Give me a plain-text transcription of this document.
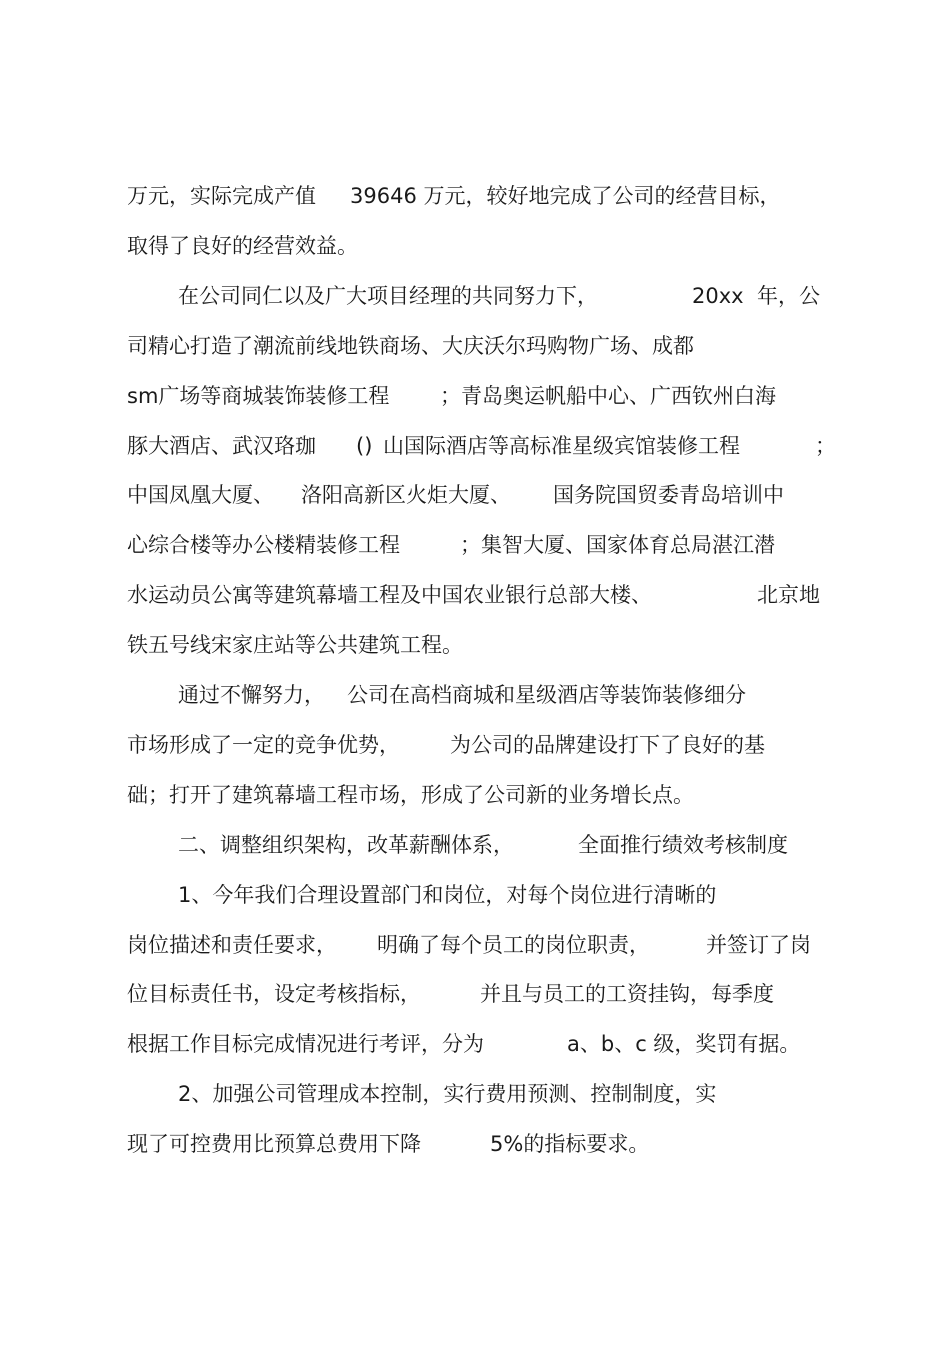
万元，实际完成产值 39646 万元，较好地完成了公司的经营目标，
取得了良好的经营效益。
在公司同仁以及广大项目经理的共同努力下，	20xx 年，公
司精心打造了潮流前线地铁商场、大庆沃尔玛购物广场、成都
sm广场等商城装饰装修工程 ；青岛奥运帆船中心、广西钦州白海
豚大酒店、武汉珞珈 () 山国际酒店等高标准星级宾馆装修工程	；
中国凤凰大厦、 洛阳高新区火炬大厦、 国务院国贸委青岛培训中
心综合楼等办公楼精装修工程	；集智大厦、国家体育总局湛江潜
水运动员公寓等建筑幕墙工程及中国农业银行总部大楼、	北京地
铁五号线宋家庄站等公共建筑工程。
通过不懈努力， 公司在高档商城和星级酒店等装饰装修细分
市场形成了一定的竞争优势， 为公司的品牌建设打下了良好的基
础；打开了建筑幕墙工程市场，形成了公司新的业务增长点。
二、调整组织架构，改革薪酬体系，	全面推行绩效考核制度
1、今年我们合理设置部门和岗位，对每个岗位进行清晰的
岗位描述和责任要求， 明确了每个员工的岗位职责，	并签订了岗
位目标责任书，设定考核指标，	并且与员工的工资挂钩，每季度
根据工作目标完成情况进行考评，分为	a、b、c 级，奖罚有据。
2、加强公司管理成本控制，实行费用预测、控制制度，实
现了可控费用比预算总费用下降	5%的指标要求。
